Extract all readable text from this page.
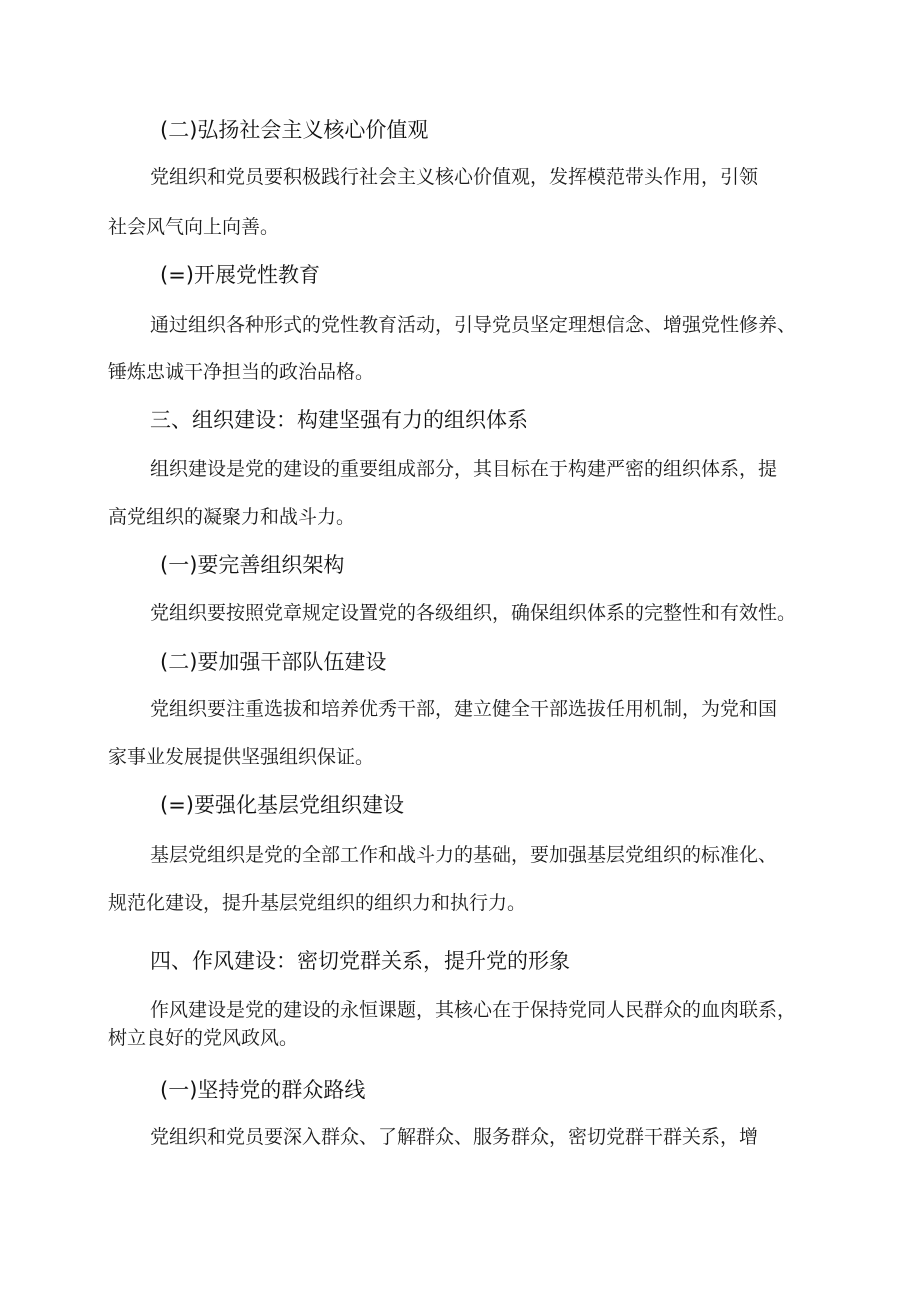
(二)弘扬社会主义核心价值观
党组织和党员要积极践行社会主义核心价值观，发挥模范带头作用，引领
社会风气向上向善。
(=)开展党性教育
通过组织各种形式的党性教育活动，引导党员坚定理想信念、增强党性修养、
锤炼忠诚干净担当的政治品格。
三、组织建设：构建坚强有力的组织体系
组织建设是党的建设的重要组成部分，其目标在于构建严密的组织体系，提
高党组织的凝聚力和战斗力。
(一)要完善组织架构
党组织要按照党章规定设置党的各级组织，确保组织体系的完整性和有效性。
(二)要加强干部队伍建设
党组织要注重选拔和培养优秀干部，建立健全干部选拔任用机制，为党和国
家事业发展提供坚强组织保证。
(=)要强化基层党组织建设
基层党组织是党的全部工作和战斗力的基础，要加强基层党组织的标准化、
规范化建设，提升基层党组织的组织力和执行力。
四、作风建设：密切党群关系，提升党的形象
作风建设是党的建设的永恒课题，其核心在于保持党同人民群众的血肉联系，
树立良好的党风政风。
(一)坚持党的群众路线
党组织和党员要深入群众、了解群众、服务群众，密切党群干群关系，增
